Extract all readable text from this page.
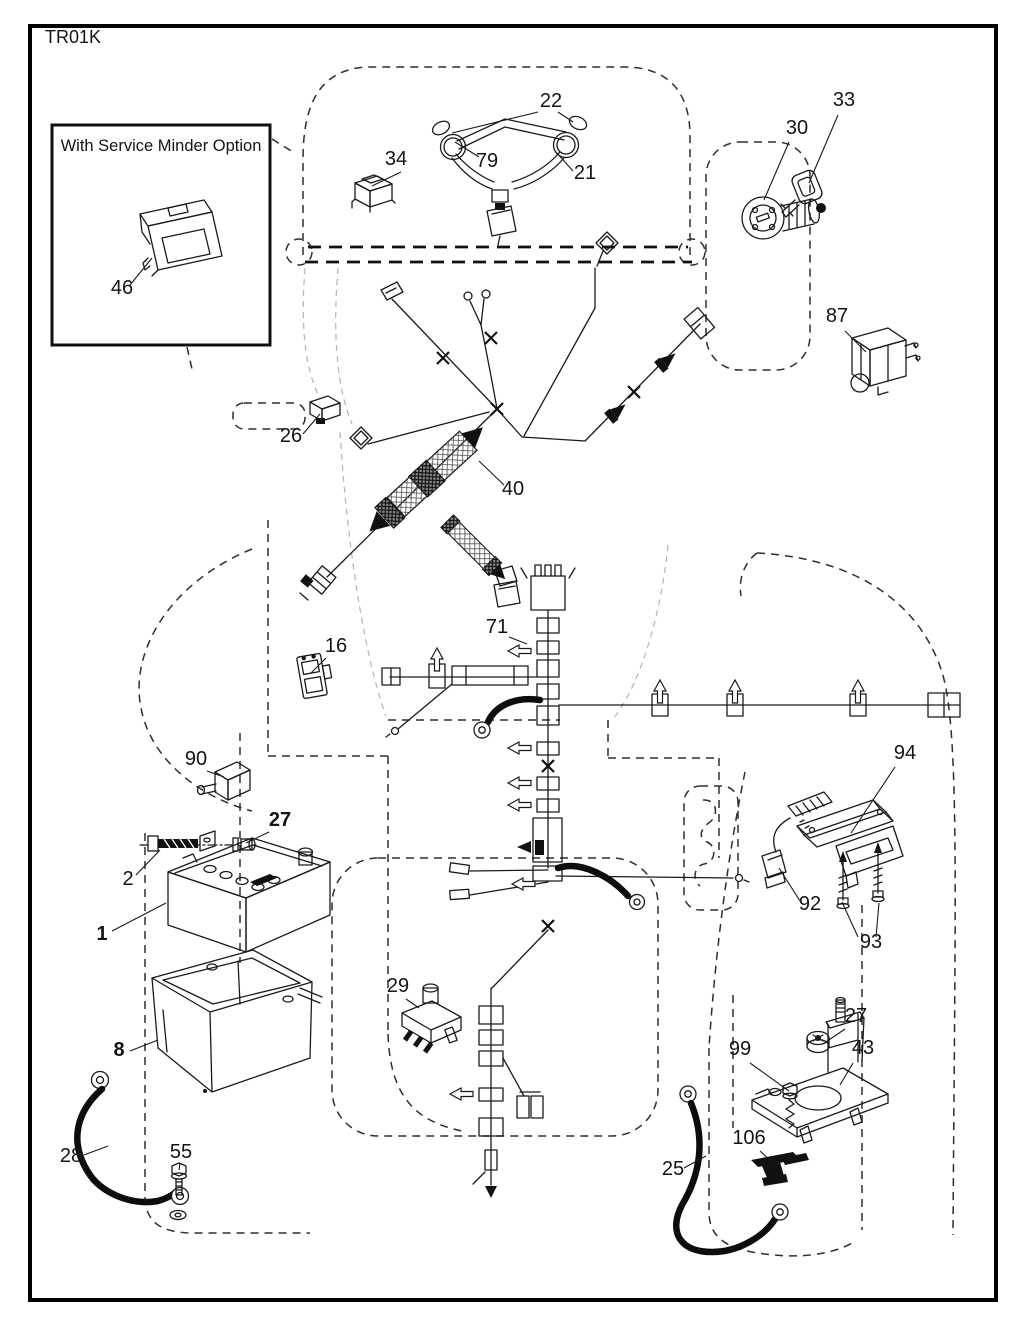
TR01K
With Service Minder Option
46
34
22
79
21
30
33
87
26
40
16
71
90
27
2
1
8
28	55
29
94
92
93
27
43
99
106
25
